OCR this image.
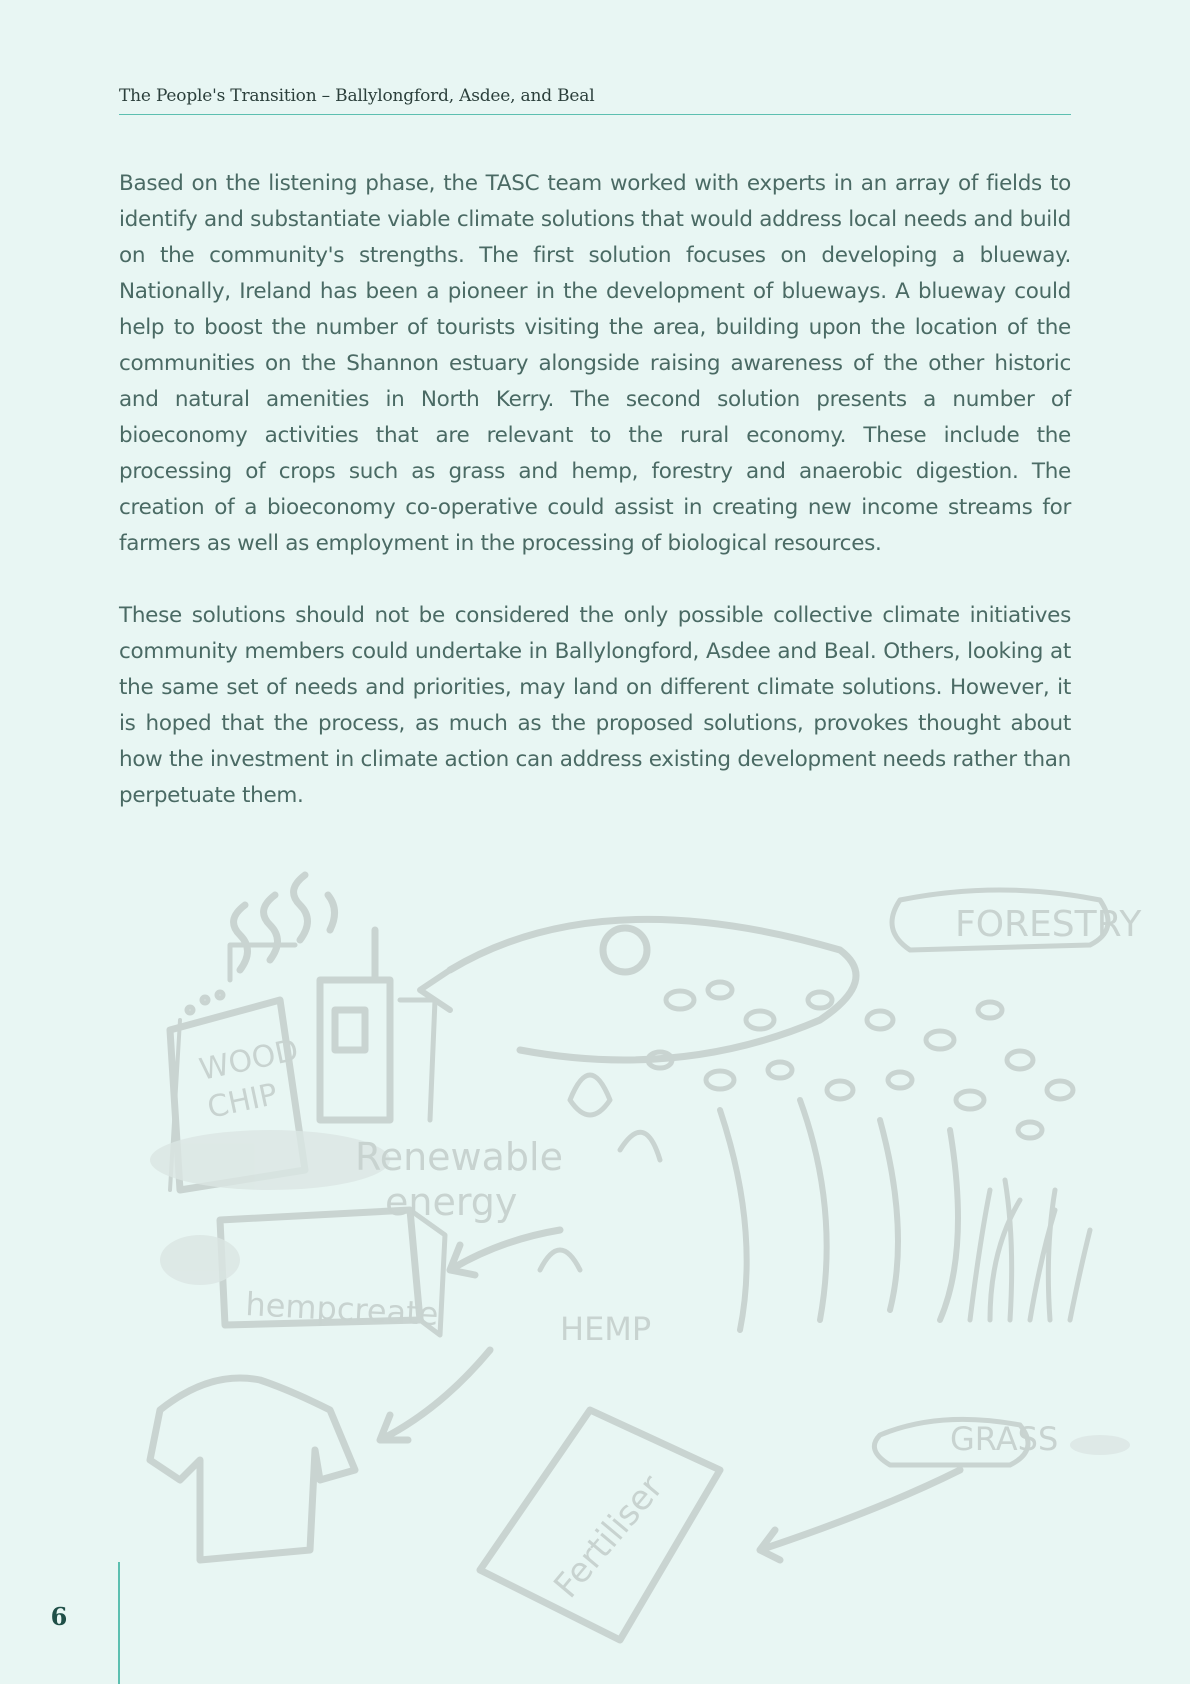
The People's Transition – Ballylongford, Asdee, and Beal

Based on the listening phase, the TASC team worked with experts in an array of fields to identify and substantiate viable climate solutions that would address local needs and build on the community's strengths. The first solution focuses on developing a blueway. Nationally, Ireland has been a pioneer in the development of blueways. A blueway could help to boost the number of tourists visiting the area, building upon the location of the communities on the Shannon estuary alongside raising awareness of the other historic and natural amenities in North Kerry. The second solution presents a number of bioeconomy activities that are relevant to the rural economy. These include the processing of crops such as grass and hemp, forestry and anaerobic digestion. The creation of a bioeconomy co-operative could assist in creating new income streams for farmers as well as employment in the processing of biological resources.

These solutions should not be considered the only possible collective climate initiatives community members could undertake in Ballylongford, Asdee and Beal. Others, looking at the same set of needs and priorities, may land on different climate solutions. However, it is hoped that the process, as much as the proposed solutions, provokes thought about how the investment in climate action can address existing development needs rather than perpetuate them.

WOOD
CHIP
Renewable
energy
FORESTRY
hempcreate	HEMP
GRASS
Fertiliser
6
